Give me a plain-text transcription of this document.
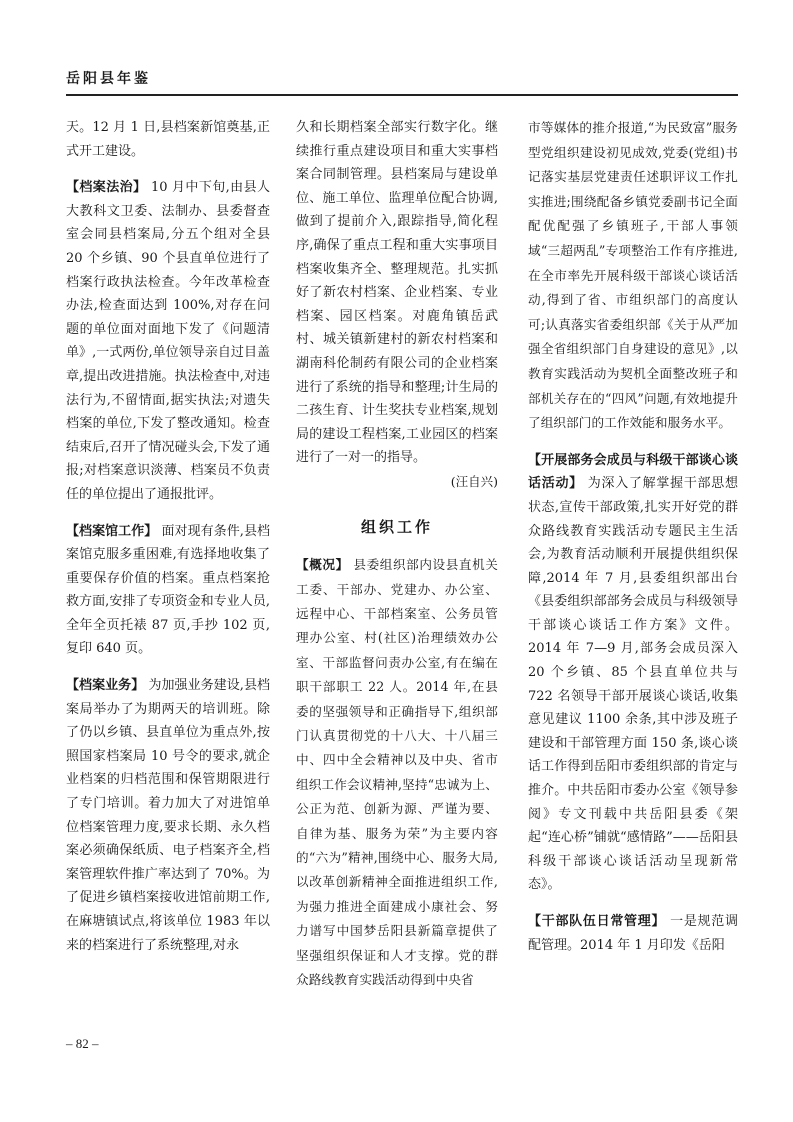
岳阳县年鉴

天。12 月 1 日,县档案新馆奠基,正式开工建设。

【档案法治】 10 月中下旬,由县人大教科文卫委、法制办、县委督查室会同县档案局,分五个组对全县 20 个乡镇、90 个县直单位进行了档案行政执法检查。今年改革检查办法,检查面达到 100%,对存在问题的单位面对面地下发了《问题清单》,一式两份,单位领导亲自过目盖章,提出改进措施。执法检查中,对违法行为,不留情面,据实执法;对遗失档案的单位,下发了整改通知。检查结束后,召开了情况碰头会,下发了通报;对档案意识淡薄、档案员不负责任的单位提出了通报批评。

【档案馆工作】 面对现有条件,县档案馆克服多重困难,有选择地收集了重要保存价值的档案。重点档案抢救方面,安排了专项资金和专业人员,全年全页托裱 87 页,手抄 102 页,复印 640 页。

【档案业务】 为加强业务建设,县档案局举办了为期两天的培训班。除了仍以乡镇、县直单位为重点外,按照国家档案局 10 号令的要求,就企业档案的归档范围和保管期限进行了专门培训。着力加大了对进馆单位档案管理力度,要求长期、永久档案必须确保纸质、电子档案齐全,档案管理软件推广率达到了 70%。为了促进乡镇档案接收进馆前期工作,在麻塘镇试点,将该单位 1983 年以来的档案进行了系统整理,对永

久和长期档案全部实行数字化。继续推行重点建设项目和重大实事档案合同制管理。县档案局与建设单位、施工单位、监理单位配合协调,做到了提前介入,跟踪指导,简化程序,确保了重点工程和重大实事项目档案收集齐全、整理规范。扎实抓好了新农村档案、企业档案、专业档案、园区档案。对鹿角镇岳武村、城关镇新建村的新农村档案和湖南科伦制药有限公司的企业档案进行了系统的指导和整理;计生局的二孩生育、计生奖扶专业档案,规划局的建设工程档案,工业园区的档案进行了一对一的指导。

(汪自兴)

组织工作

【概况】 县委组织部内设县直机关工委、干部办、党建办、办公室、远程中心、干部档案室、公务员管理办公室、村(社区)治理绩效办公室、干部监督问责办公室,有在编在职干部职工 22 人。2014 年,在县委的坚强领导和正确指导下,组织部门认真贯彻党的十八大、十八届三中、四中全会精神以及中央、省市组织工作会议精神,坚持“忠诚为上、公正为范、创新为源、严谨为要、自律为基、服务为荣”为主要内容的“六为”精神,围绕中心、服务大局,以改革创新精神全面推进组织工作,为强力推进全面建成小康社会、努力谱写中国梦岳阳县新篇章提供了坚强组织保证和人才支撑。党的群众路线教育实践活动得到中央省

市等媒体的推介报道,“为民致富”服务型党组织建设初见成效,党委(党组)书记落实基层党建责任述职评议工作扎实推进;围绕配备乡镇党委副书记全面配优配强了乡镇班子,干部人事领域“三超两乱”专项整治工作有序推进,在全市率先开展科级干部谈心谈话活动,得到了省、市组织部门的高度认可;认真落实省委组织部《关于从严加强全省组织部门自身建设的意见》,以教育实践活动为契机全面整改班子和部机关存在的“四风”问题,有效地提升了组织部门的工作效能和服务水平。

【开展部务会成员与科级干部谈心谈话活动】 为深入了解掌握干部思想状态,宣传干部政策,扎实开好党的群众路线教育实践活动专题民主生活会,为教育活动顺利开展提供组织保障,2014 年 7 月,县委组织部出台《县委组织部部务会成员与科级领导干部谈心谈话工作方案》文件。2014 年 7—9 月,部务会成员深入 20 个乡镇、85 个县直单位共与 722 名领导干部开展谈心谈话,收集意见建议 1100 余条,其中涉及班子建设和干部管理方面 150 条,谈心谈话工作得到岳阳市委组织部的肯定与推介。中共岳阳市委办公室《领导参阅》专文刊载中共岳阳县委《架起“连心桥”铺就“感情路”——岳阳县科级干部谈心谈话活动呈现新常态》。

【干部队伍日常管理】 一是规范调配管理。2014 年 1 月印发《岳阳

– 82 –
